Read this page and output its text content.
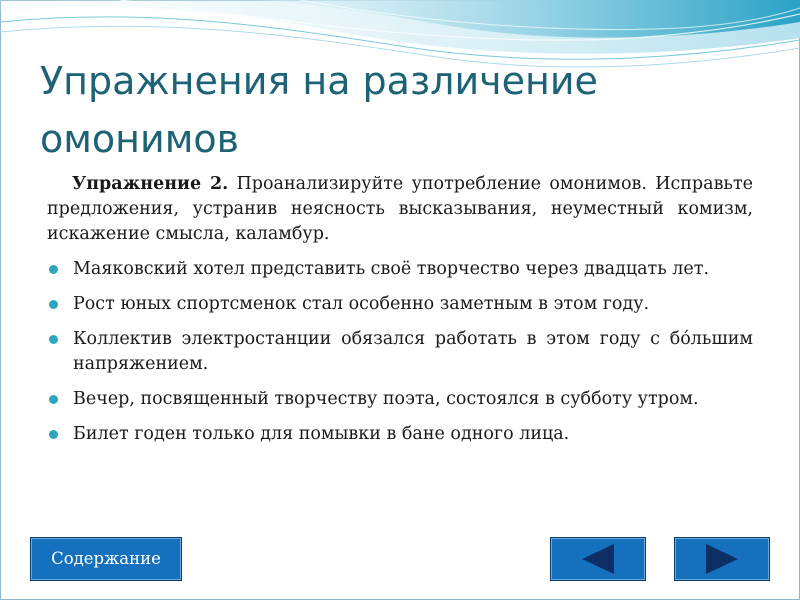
Упражнения на различение омонимов

Упражнение 2. Проанализируйте употребление омонимов. Исправьте предложения, устранив неясность высказывания, неуместный комизм, искажение смысла, каламбур.

Маяковский хотел представить своё творчество через двадцать лет.
Рост юных спортсменок стал особенно заметным в этом году.
Коллектив электростанции обязался работать в этом году с бо́льшим напряжением.
Вечер, посвященный творчеству поэта, состоялся в субботу утром.
Билет годен только для помывки в бане одного лица.
Содержание
